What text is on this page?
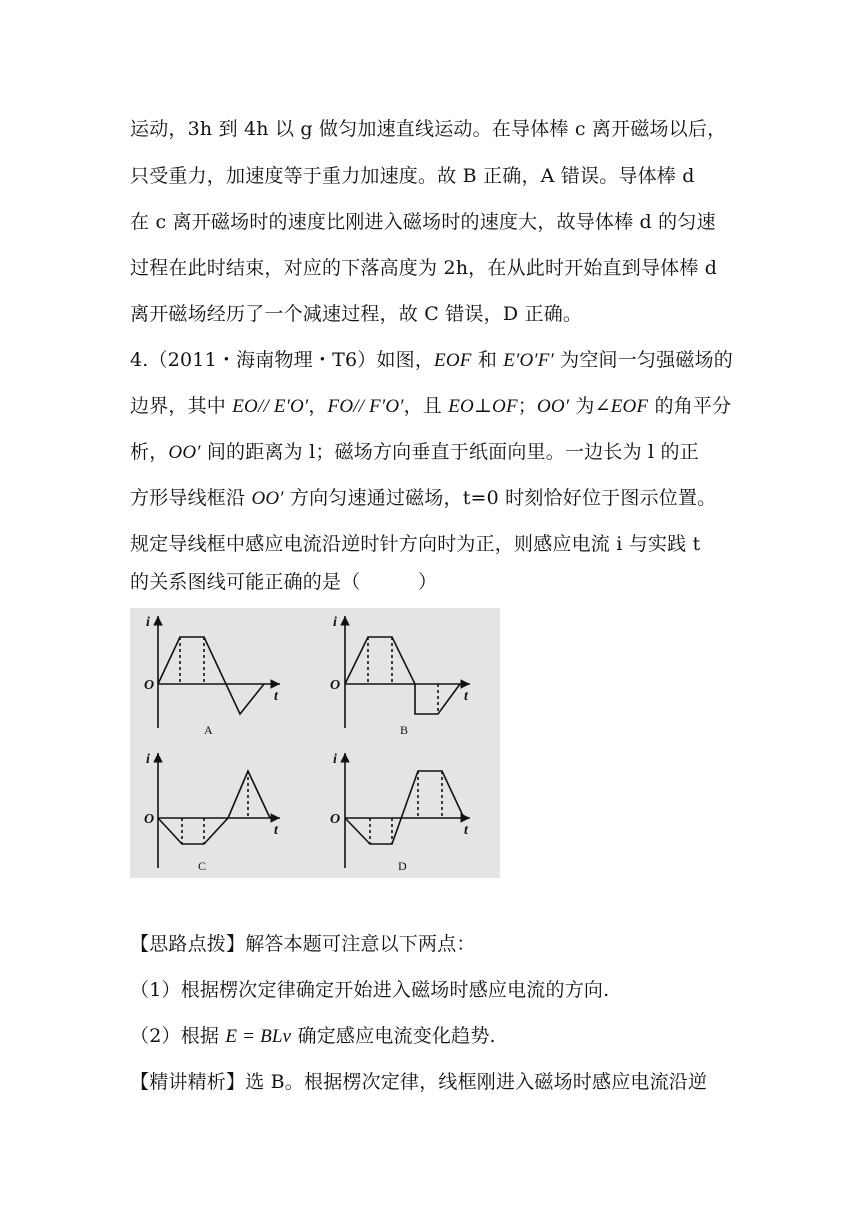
运动，3h 到 4h 以 g 做匀加速直线运动。在导体棒 c 离开磁场以后，
只受重力，加速度等于重力加速度。故 B 正确，A 错误。导体棒 d
在 c 离开磁场时的速度比刚进入磁场时的速度大，故导体棒 d 的匀速
过程在此时结束，对应的下落高度为 2h，在从此时开始直到导体棒 d
离开磁场经历了一个减速过程，故 C 错误，D 正确。
4.（2011・海南物理・T6）如图，EOF 和 E′O′F′ 为空间一匀强磁场的
边界，其中 EO// E′O′，FO// F′O′，且 EO⊥OF；OO′ 为∠EOF 的角平分
析，OO′ 间的距离为 l；磁场方向垂直于纸面向里。一边长为 l 的正
方形导线框沿 OO′ 方向匀速通过磁场，t=0 时刻恰好位于图示位置。
规定导线框中感应电流沿逆时针方向时为正，则感应电流 i 与实践 t
的关系图线可能正确的是（　　　）
i
t
O
A
i
t
O
B
i
t
O
C
i
t
O
D
【思路点拨】解答本题可注意以下两点：
（1）根据楞次定律确定开始进入磁场时感应电流的方向.
（2）根据 E = BLv 确定感应电流变化趋势.
【精讲精析】选 B。根据楞次定律，线框刚进入磁场时感应电流沿逆
